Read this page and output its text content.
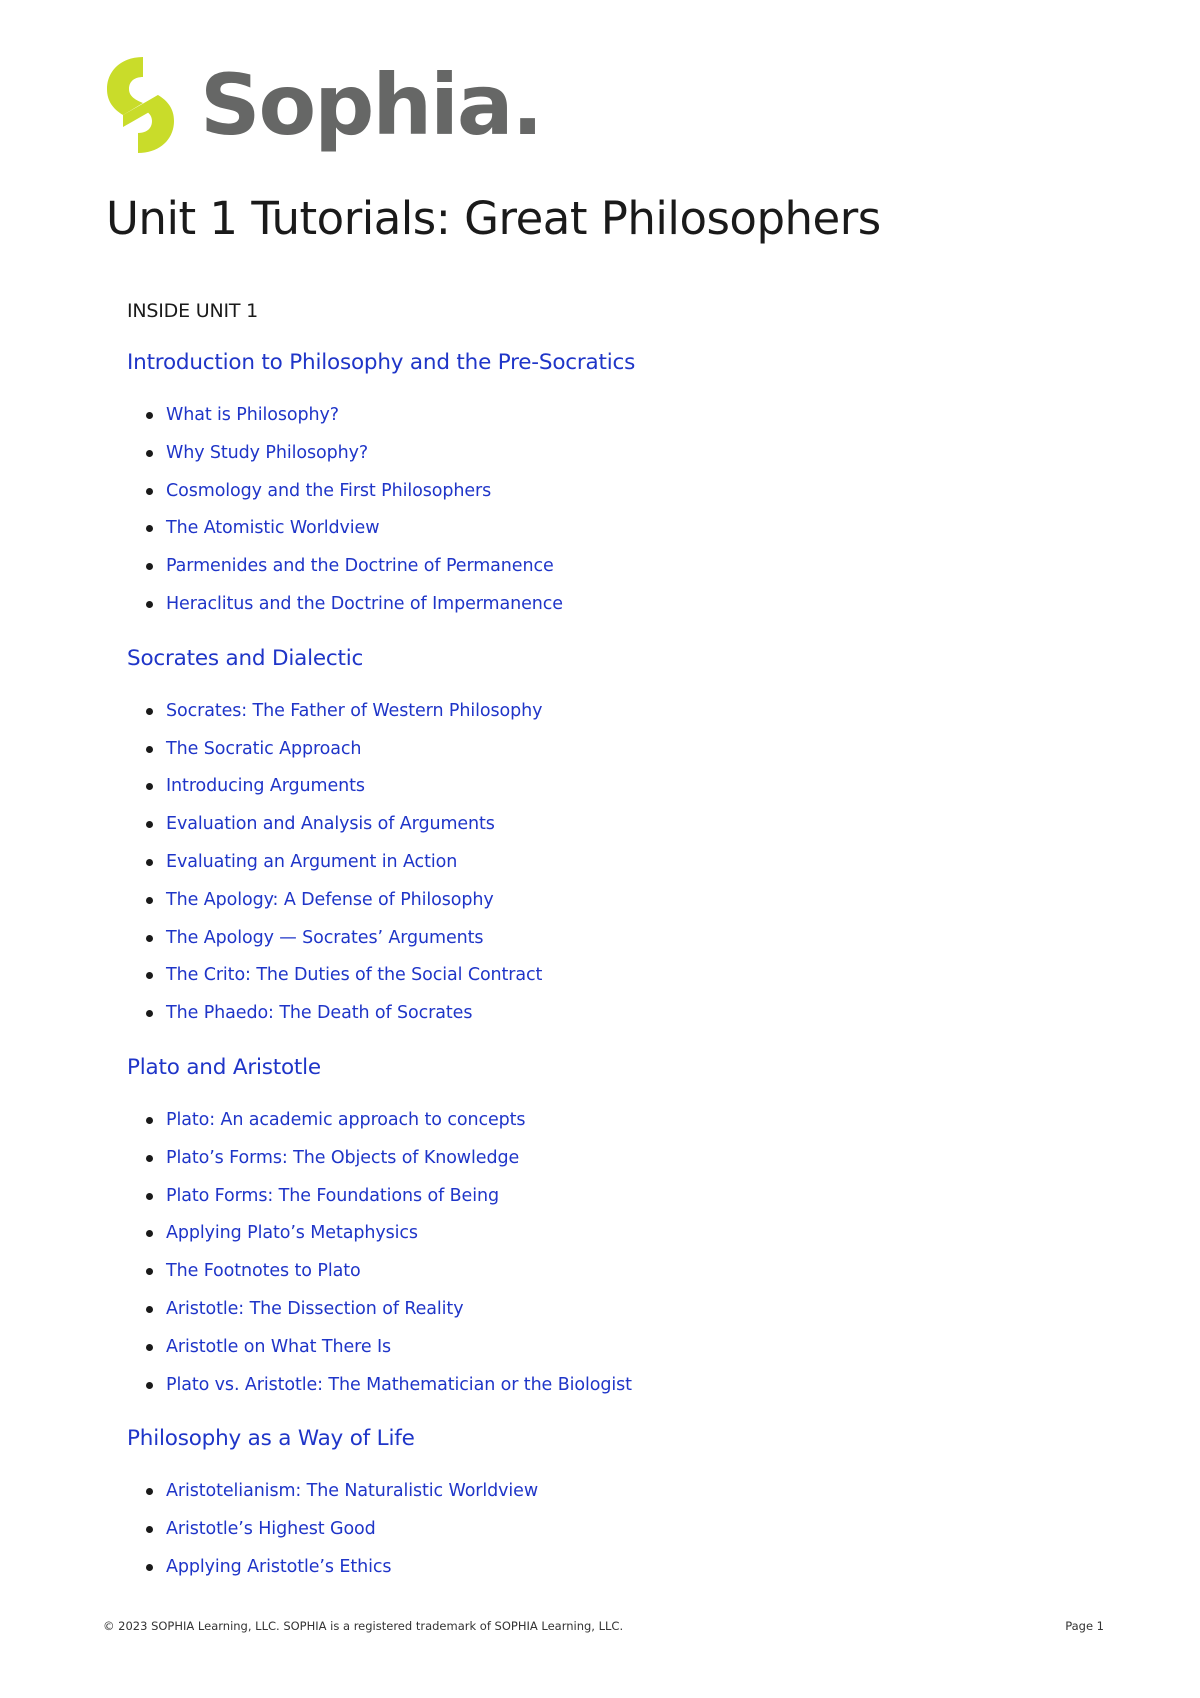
Sophia.
Unit 1 Tutorials: Great Philosophers
INSIDE UNIT 1
Introduction to Philosophy and the Pre-Socratics
What is Philosophy?
Why Study Philosophy?
Cosmology and the First Philosophers
The Atomistic Worldview
Parmenides and the Doctrine of Permanence
Heraclitus and the Doctrine of Impermanence
Socrates and Dialectic
Socrates: The Father of Western Philosophy
The Socratic Approach
Introducing Arguments
Evaluation and Analysis of Arguments
Evaluating an Argument in Action
The Apology: A Defense of Philosophy
The Apology — Socrates’ Arguments
The Crito: The Duties of the Social Contract
The Phaedo: The Death of Socrates
Plato and Aristotle
Plato: An academic approach to concepts
Plato’s Forms: The Objects of Knowledge
Plato Forms: The Foundations of Being
Applying Plato’s Metaphysics
The Footnotes to Plato
Aristotle: The Dissection of Reality
Aristotle on What There Is
Plato vs. Aristotle: The Mathematician or the Biologist
Philosophy as a Way of Life
Aristotelianism: The Naturalistic Worldview
Aristotle’s Highest Good
Applying Aristotle’s Ethics
© 2023 SOPHIA Learning, LLC. SOPHIA is a registered trademark of SOPHIA Learning, LLC.	Page 1
